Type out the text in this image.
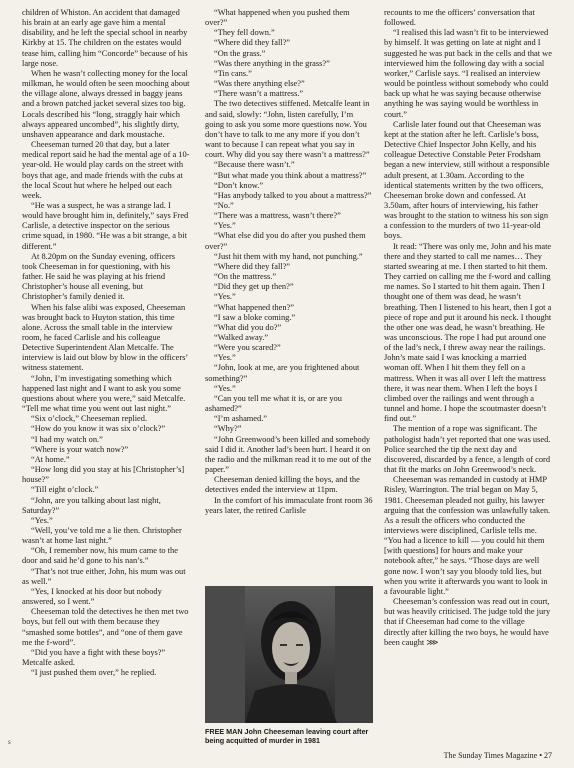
children of Whiston. An accident that damaged his brain at an early age gave him a mental disability, and he left the special school in nearby Kirkby at 15. The children on the estates would tease him, calling him “Concorde” because of his large nose.

When he wasn’t collecting money for the local milkman, he would often be seen mooching about the village alone, always dressed in baggy jeans and a brown patched jacket several sizes too big. Locals described his “long, straggly hair which always appeared uncombed”, his slightly dirty, unshaven appearance and dark moustache.

Cheeseman turned 20 that day, but a later medical report said he had the mental age of a 10-year-old. He would play cards on the street with boys that age, and made friends with the cubs at the local Scout hut where he helped out each week.

“He was a suspect, he was a strange lad. I would have brought him in, definitely,” says Fred Carlisle, a detective inspector on the serious crime squad, in 1980. “He was a bit strange, a bit different.”

At 8.20pm on the Sunday evening, officers took Cheeseman in for questioning, with his father. He said he was playing at his friend Christopher’s house all evening, but Christopher’s family denied it.

When his false alibi was exposed, Cheeseman was brought back to Huyton station, this time alone. Across the small table in the interview room, he faced Carlisle and his colleague Detective Superintendent Alan Metcalfe. The interview is laid out blow by blow in the officers’ witness statement.

“John, I’m investigating something which happened last night and I want to ask you some questions about where you were,” said Metcalfe. “Tell me what time you went out last night.”

“Six o’clock,” Cheeseman replied.

“How do you know it was six o’clock?”

“I had my watch on.”

“Where is your watch now?”

“At home.”

“How long did you stay at his [Christopher’s] house?”

“Till eight o’clock.”

“John, are you talking about last night, Saturday?”

“Yes.”

“Well, you’ve told me a lie then. Christopher wasn’t at home last night.”

“Oh, I remember now, his mum came to the door and said he’d gone to his nan’s.”

“That’s not true either, John, his mum was out as well.”

“Yes, I knocked at his door but nobody answered, so I went.”

Cheeseman told the detectives he then met two boys, but fell out with them because they “smashed some bottles”, and “one of them gave me the f-word”.

“Did you have a fight with these boys?” Metcalfe asked.

“I just pushed them over,” he replied.

“What happened when you pushed them over?”

“They fell down.”

“Where did they fall?”

“On the grass.”

“Was there anything in the grass?”

“Tin cans.”

“Was there anything else?”

“There wasn’t a mattress.”

The two detectives stiffened. Metcalfe leant in and said, slowly: “John, listen carefully, I’m going to ask you some more questions now. You don’t have to talk to me any more if you don’t want to because I can repeat what you say in court. Why did you say there wasn’t a mattress?”

“Because there wasn’t.”

“But what made you think about a mattress?”

“Don’t know.”

“Has anybody talked to you about a mattress?”

“No.”

“There was a mattress, wasn’t there?”

“Yes.”

“What else did you do after you pushed them over?”

“Just hit them with my hand, not punching.”

“Where did they fall?”

“On the mattress.”

“Did they get up then?”

“Yes.”

“What happened then?”

“I saw a bloke coming.”

“What did you do?”

“Walked away.”

“Were you scared?”

“Yes.”

“John, look at me, are you frightened about something?”

“Yes.”

“Can you tell me what it is, or are you ashamed?”

“I’m ashamed.”

“Why?”

“John Greenwood’s been killed and somebody said I did it. Another lad’s been hurt. I heard it on the radio and the milkman read it to me out of the paper.”

Cheeseman denied killing the boys, and the detectives ended the interview at 11pm.

In the comfort of his immaculate front room 36 years later, the retired Carlisle

recounts to me the officers’ conversation that followed.

“I realised this lad wasn’t fit to be interviewed by himself. It was getting on late at night and I suggested he was put back in the cells and that we interviewed him the following day with a social worker,” Carlisle says. “I realised an interview would be pointless without somebody who could back up what he was saying because otherwise anything he was saying would be worthless in court.”

Carlisle later found out that Cheeseman was kept at the station after he left. Carlisle’s boss, Detective Chief Inspector John Kelly, and his colleague Detective Constable Peter Frodsham began a new interview, still without a responsible adult present, at 1.30am. According to the identical statements written by the two officers, Cheeseman broke down and confessed. At 3.50am, after hours of interviewing, his father was brought to the station to witness his son sign a confession to the murders of two 11-year-old boys.

It read: “There was only me, John and his mate there and they started to call me names… They started swearing at me. I then started to hit them. They carried on calling me the f-word and calling me names. So I started to hit them again. Then I thought one of them was dead, he wasn’t breathing. Then I listened to his heart, then I got a piece of rope and put it around his neck. I thought the other one was dead, he wasn’t breathing. He was unconscious. The rope I had put around one of the lad’s neck, I threw away near the railings. John’s mate said I was knocking a married woman off. When I hit them they fell on a mattress. When it was all over I left the mattress there, it was near them. When I left the boys I climbed over the railings and went through a tunnel and home. I hope the scoutmaster doesn’t find out.”

The mention of a rope was significant. The pathologist hadn’t yet reported that one was used. Police searched the tip the next day and discovered, discarded by a fence, a length of cord that fit the marks on John Greenwood’s neck.

Cheeseman was remanded in custody at HMP Risley, Warrington. The trial began on May 5, 1981. Cheeseman pleaded not guilty, his lawyer arguing that the confession was unlawfully taken. As a result the officers who conducted the interviews were disciplined, Carlisle tells me. “You had a licence to kill — you could hit them [with questions] for hours and make your notebook after,” he says. “Those days are well gone now. I won’t say you bloody told lies, but when you write it afterwards you want to look in a favourable light.”

Cheeseman’s confession was read out in court, but was heavily criticised. The judge told the jury that if Cheeseman had come to the village directly after killing the two boys, he would have been caught ⋙

FREE MAN John Cheeseman leaving court after being acquitted of murder in 1981
The Sunday Times Magazine • 27
s
